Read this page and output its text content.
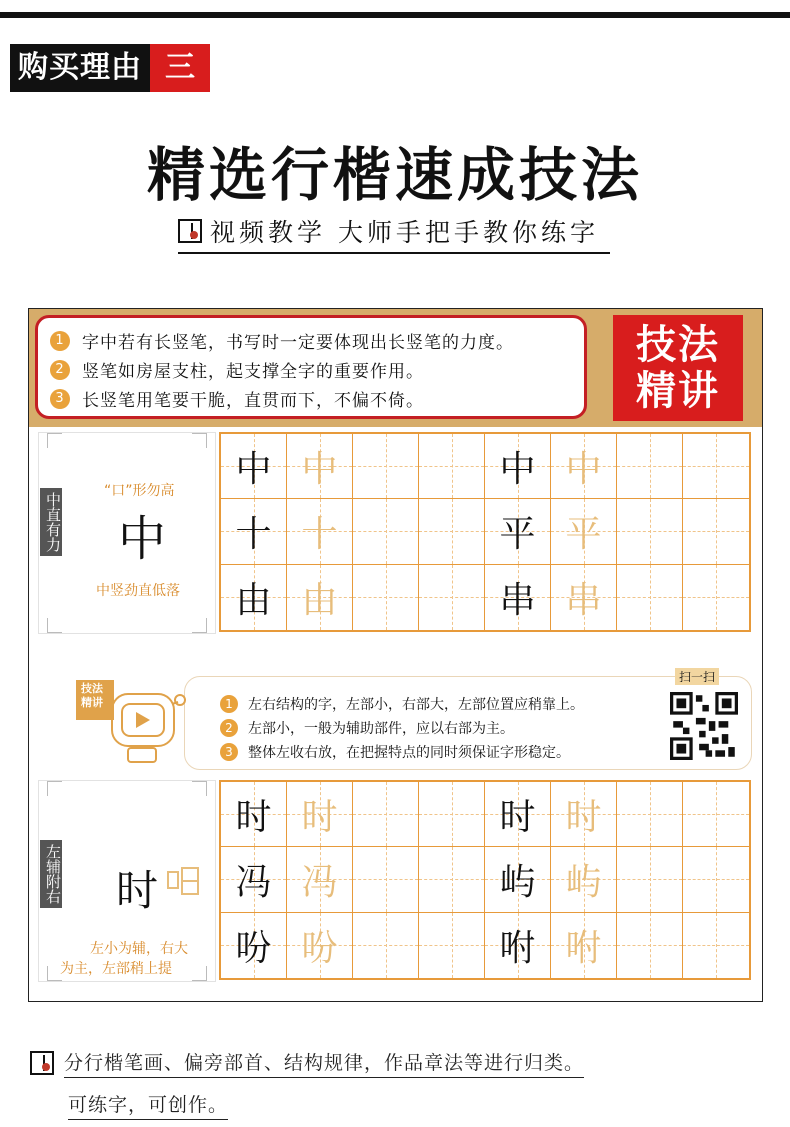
购买理由 三
精选行楷速成技法
视频教学 大师手把手教你练字
1	字中若有长竖笔，书写时一定要体现出长竖笔的力度。
2	竖笔如房屋支柱，起支撑全字的重要作用。
3	长竖笔用笔要干脆，直贯而下，不偏不倚。
技法
精讲
中直有力
“口”形勿高
中
中竖劲直低落
中 中	中 中
十 十	平 平
由 由	串 串
技法精讲	1	左右结构的字，左部小，右部大，左部位置应稍靠上。
2	左部小，一般为辅助部件，应以右部为主。
3	整体左收右放，在把握特点的同时须保证字形稳定。
扫一扫
左辅附右 时
左小为辅，右大
为主，左部稍上提
时 时	时 时
冯 冯	屿 屿
吩 吩	咐 咐
分行楷笔画、偏旁部首、结构规律，作品章法等进行归类。
可练字，可创作。
